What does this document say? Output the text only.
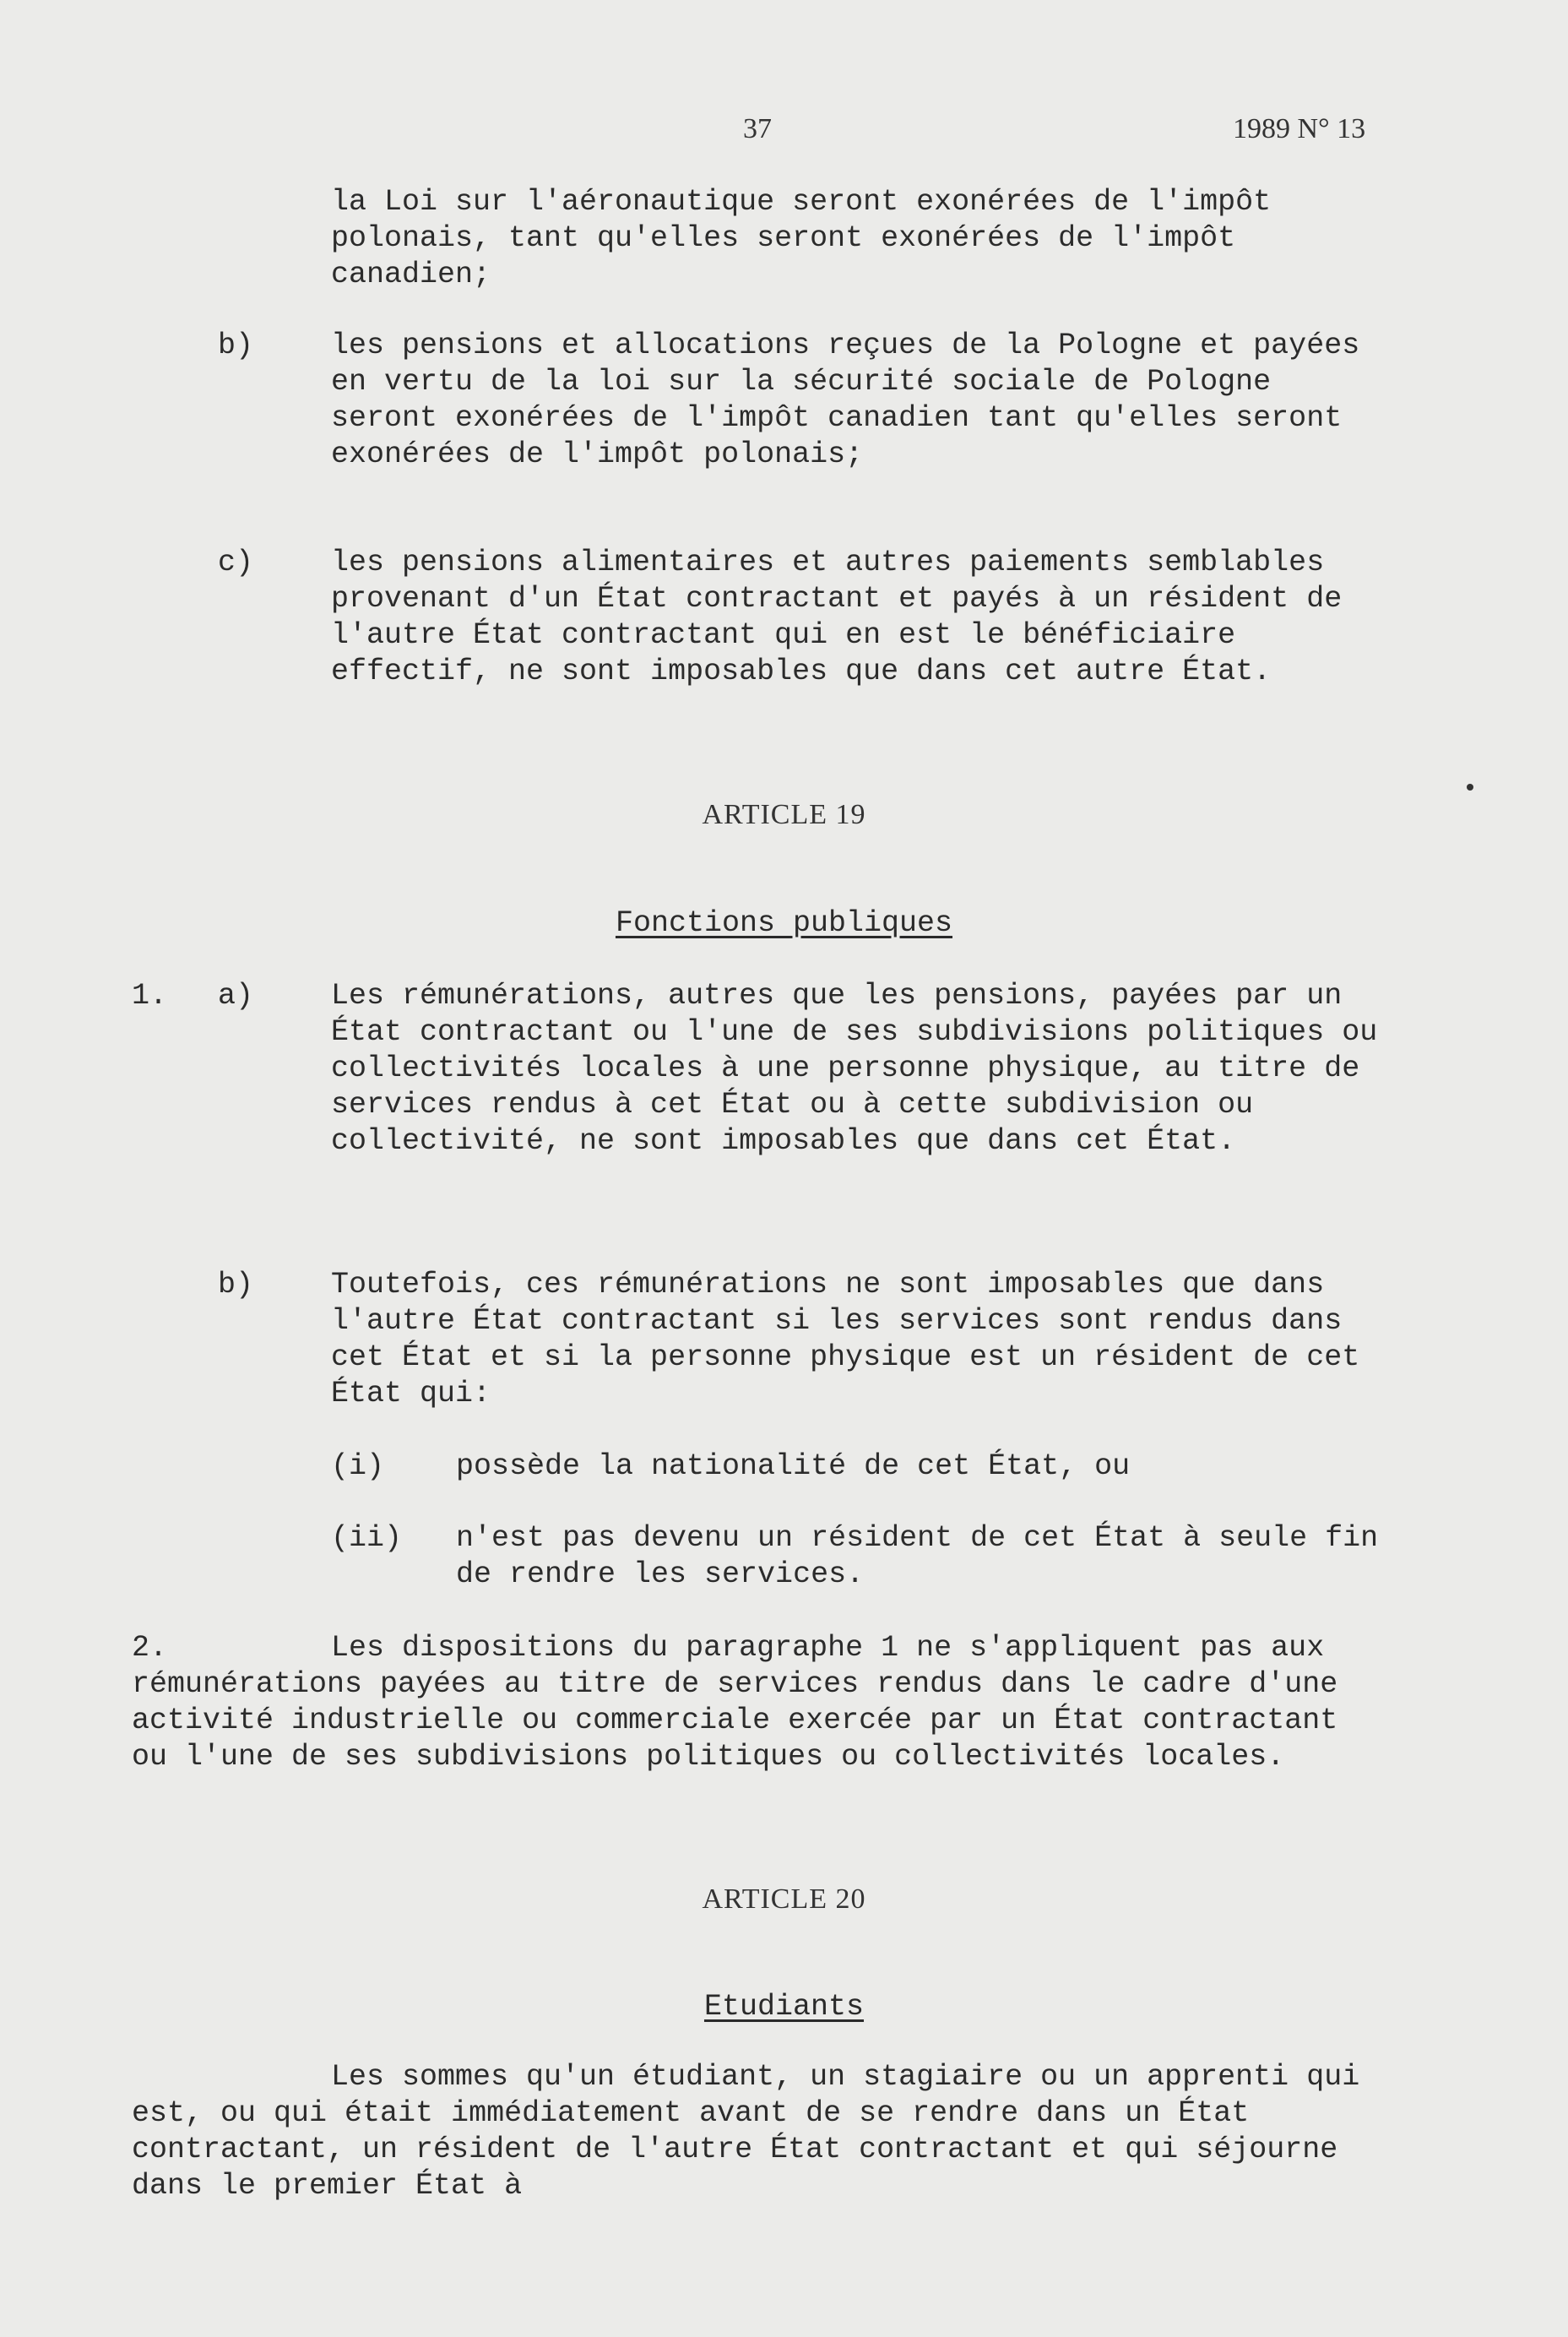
37	1989 N° 13

la Loi sur l'aéronautique seront exonérées de l'impôt polonais, tant qu'elles seront exonérées de l'impôt canadien;

b)	les pensions et allocations reçues de la Pologne et payées en vertu de la loi sur la sécurité sociale de Pologne seront exonérées de l'impôt canadien tant qu'elles seront exonérées de l'impôt polonais;

c)	les pensions alimentaires et autres paiements semblables provenant d'un État contractant et payés à un résident de l'autre État contractant qui en est le bénéficiaire effectif, ne sont imposables que dans cet autre État.

ARTICLE 19
Fonctions publiques
1. a)	Les rémunérations, autres que les pensions, payées par un État contractant ou l'une de ses subdivisions politiques ou collectivités locales à une personne physique, au titre de services rendus à cet État ou à cette subdivision ou collectivité, ne sont imposables que dans cet État.

b)	Toutefois, ces rémunérations ne sont imposables que dans l'autre État contractant si les services sont rendus dans cet État et si la personne physique est un résident de cet État qui:

(i) possède la nationalité de cet État, ou

(ii) n'est pas devenu un résident de cet État à seule fin de rendre les services.

2.	Les dispositions du paragraphe 1 ne s'appliquent pas aux rémunérations payées au titre de services rendus dans le cadre d'une activité industrielle ou commerciale exercée par un État contractant ou l'une de ses subdivisions politiques ou collectivités locales.

ARTICLE 20
Etudiants

Les sommes qu'un étudiant, un stagiaire ou un apprenti qui est, ou qui était immédiatement avant de se rendre dans un État contractant, un résident de l'autre État contractant et qui séjourne dans le premier État à
